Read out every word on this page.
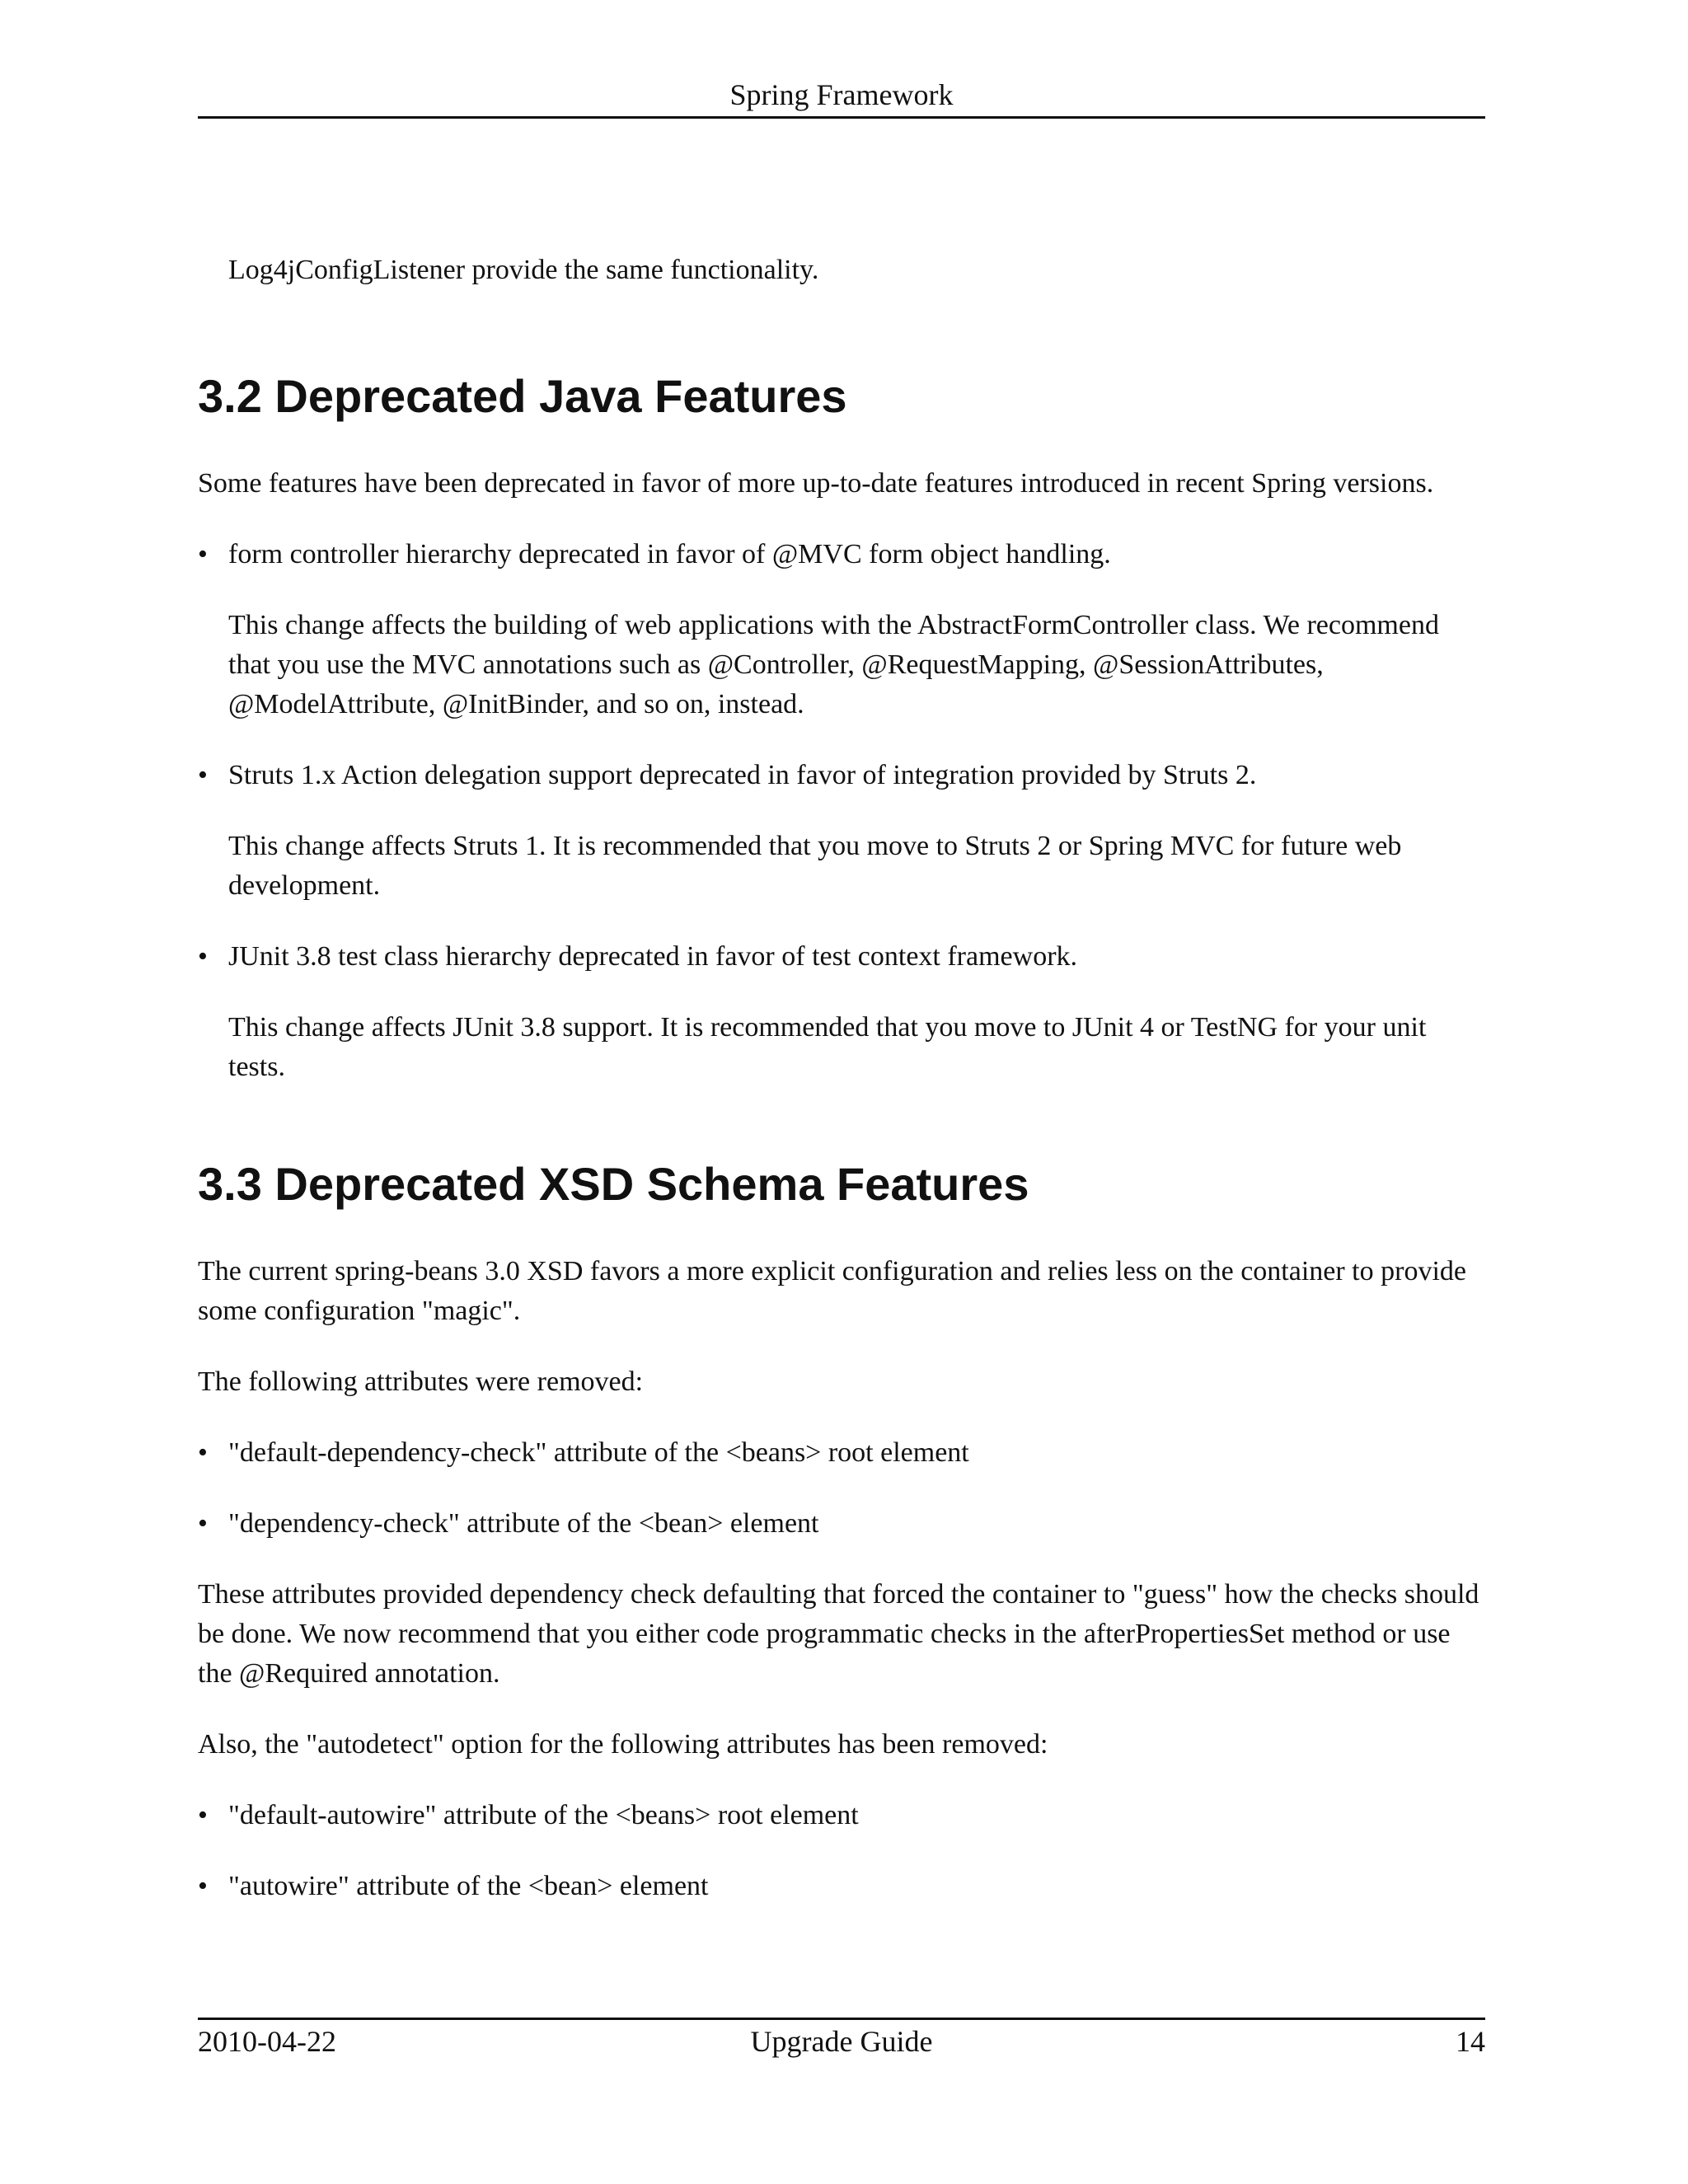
Spring Framework

Log4jConfigListener provide the same functionality.

3.2 Deprecated Java Features

Some features have been deprecated in favor of more up-to-date features introduced in recent Spring versions.

• form controller hierarchy deprecated in favor of @MVC form object handling.

This change affects the building of web applications with the AbstractFormController class. We recommend that you use the MVC annotations such as @Controller, @RequestMapping, @SessionAttributes, @ModelAttribute, @InitBinder, and so on, instead.

• Struts 1.x Action delegation support deprecated in favor of integration provided by Struts 2.

This change affects Struts 1. It is recommended that you move to Struts 2 or Spring MVC for future web development.

• JUnit 3.8 test class hierarchy deprecated in favor of test context framework.

This change affects JUnit 3.8 support. It is recommended that you move to JUnit 4 or TestNG for your unit tests.

3.3 Deprecated XSD Schema Features

The current spring-beans 3.0 XSD favors a more explicit configuration and relies less on the container to provide some configuration "magic".

The following attributes were removed:

• "default-dependency-check" attribute of the <beans> root element
• "dependency-check" attribute of the <bean> element

These attributes provided dependency check defaulting that forced the container to "guess" how the checks should be done. We now recommend that you either code programmatic checks in the afterPropertiesSet method or use the @Required annotation.

Also, the "autodetect" option for the following attributes has been removed:

• "default-autowire" attribute of the <beans> root element
• "autowire" attribute of the <bean> element
2010-04-22	Upgrade Guide	14
